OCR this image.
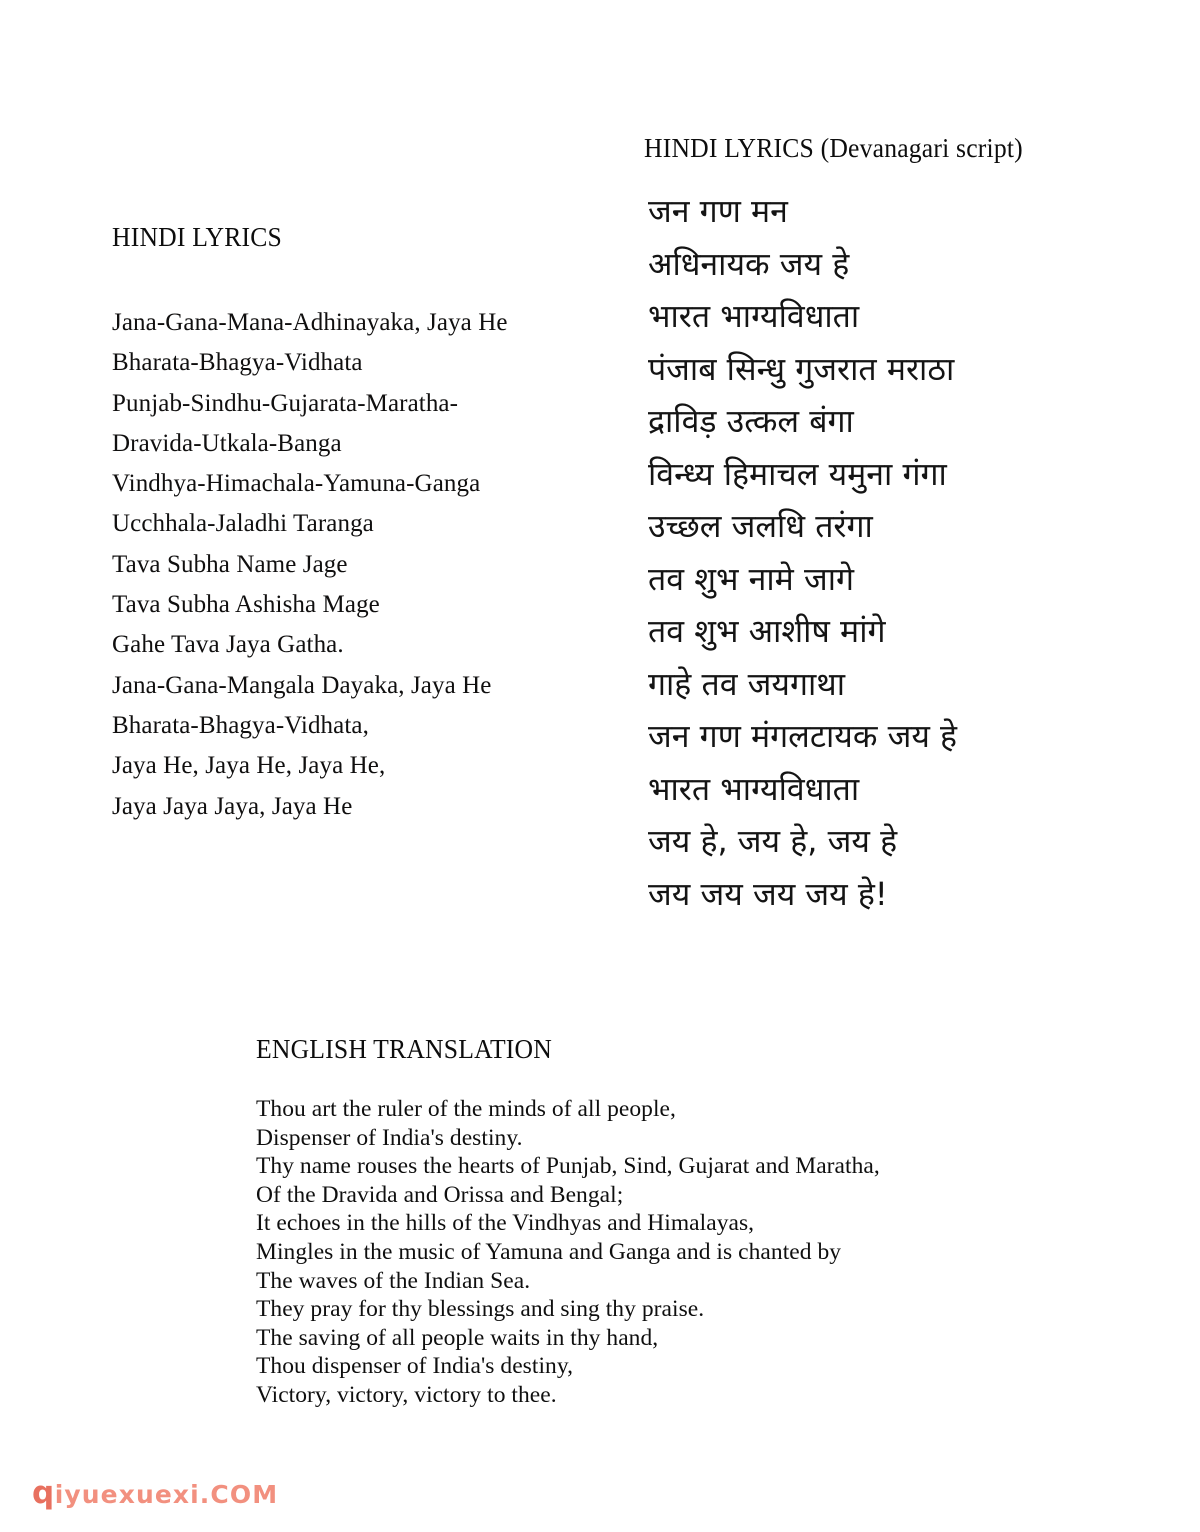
HINDI LYRICS
Jana-Gana-Mana-Adhinayaka, Jaya He
Bharata-Bhagya-Vidhata
Punjab-Sindhu-Gujarata-Maratha-
Dravida-Utkala-Banga
Vindhya-Himachala-Yamuna-Ganga
Ucchhala-Jaladhi Taranga
Tava Subha Name Jage
Tava Subha Ashisha Mage
Gahe Tava Jaya Gatha.
Jana-Gana-Mangala Dayaka, Jaya He
Bharata-Bhagya-Vidhata,
Jaya He, Jaya He, Jaya He,
Jaya Jaya Jaya, Jaya He
HINDI LYRICS (Devanagari script)
जन गण मन
अधिनायक जय हे
भारत भाग्यविधाता
पंजाब सिन्धु गुजरात मराठा
द्राविड़ उत्कल बंगा
विन्ध्य हिमाचल यमुना गंगा
उच्छल जलधि तरंगा
तव शुभ नामे जागे
तव शुभ आशीष मांगे
गाहे तव जयगाथा
जन गण मंगलटायक जय हे
भारत भाग्यविधाता
जय हे, जय हे, जय हे
जय जय जय जय हे!
ENGLISH TRANSLATION
Thou art the ruler of the minds of all people,
Dispenser of India's destiny.
Thy name rouses the hearts of Punjab, Sind, Gujarat and Maratha,
Of the Dravida and Orissa and Bengal;
It echoes in the hills of the Vindhyas and Himalayas,
Mingles in the music of Yamuna and Ganga and is chanted by
The waves of the Indian Sea.
They pray for thy blessings and sing thy praise.
The saving of all people waits in thy hand,
Thou dispenser of India's destiny,
Victory, victory, victory to thee.
q iyuexuexi.COM
